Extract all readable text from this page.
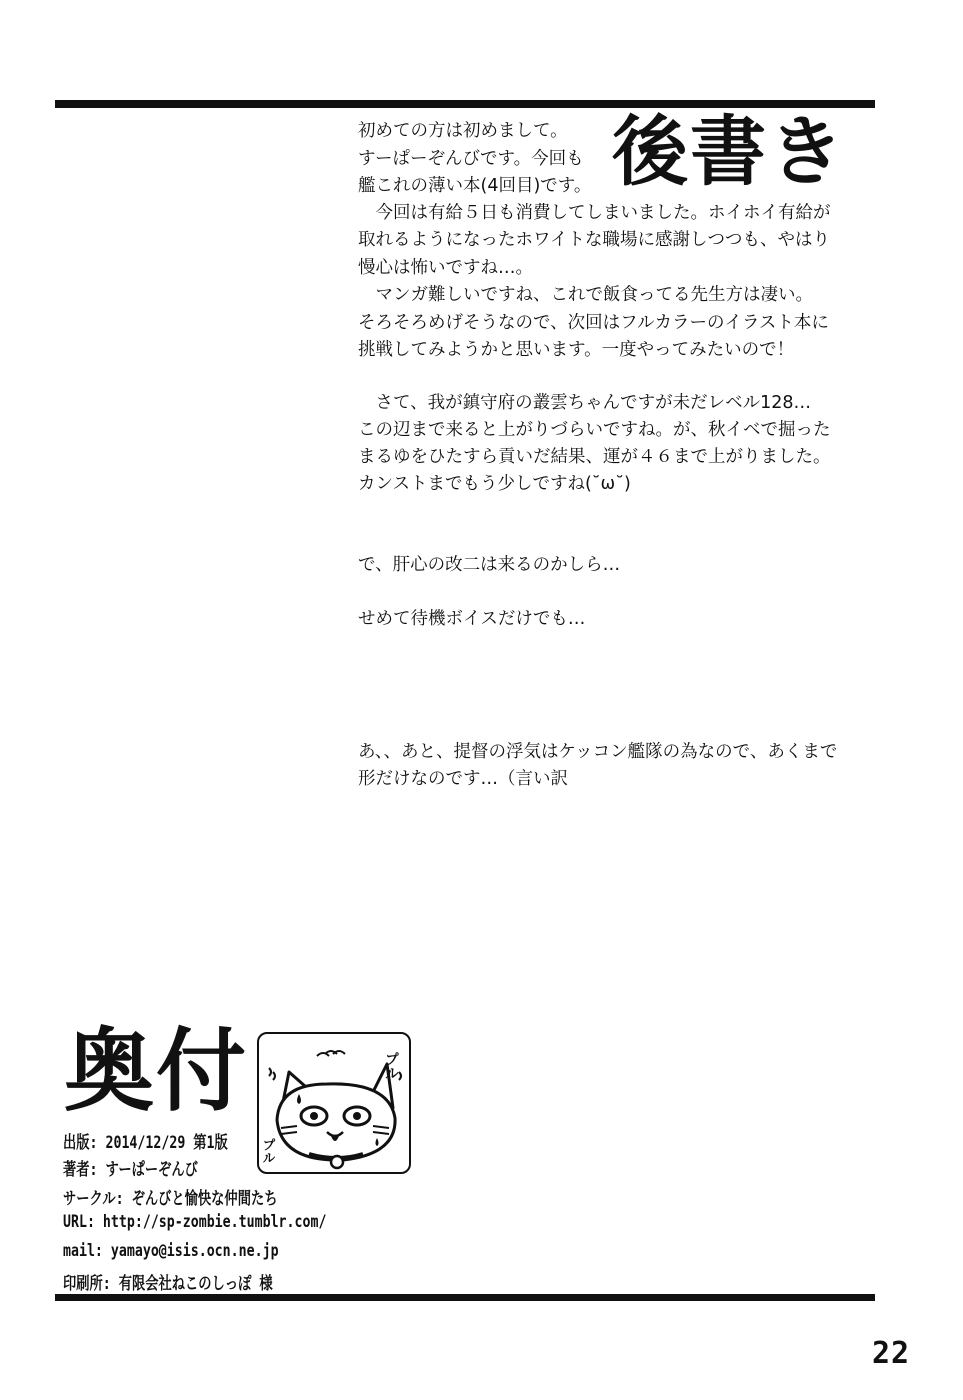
後書き
初めての方は初めまして。
すーぱーぞんびです。今回も
艦これの薄い本(4回目)です。
　今回は有給５日も消費してしまいました。ホイホイ有給が
取れるようになったホワイトな職場に感謝しつつも、やはり
慢心は怖いですね…。
　マンガ難しいですね、これで飯食ってる先生方は凄い。
そろそろめげそうなので、次回はフルカラーのイラスト本に
挑戦してみようかと思います。一度やってみたいので！
　さて、我が鎮守府の叢雲ちゃんですが未だレベル128…
この辺まで来ると上がりづらいですね。が、秋イベで掘った
まるゆをひたすら貢いだ結果、運が４６まで上がりました。
カンストまでもう少しですね(˘ω˘)
で、肝心の改二は来るのかしら…
せめて待機ボイスだけでも…
あ、、あと、提督の浮気はケッコン艦隊の為なので、あくまで
形だけなのです…（言い訳
奥付	プル
プル
出版: 2014/12/29 第1版
著者: すーぱーぞんび
サークル: ぞんびと愉快な仲間たち
URL: http://sp-zombie.tumblr.com/
mail: yamayo@isis.ocn.ne.jp
印刷所: 有限会社ねこのしっぽ 様
22
